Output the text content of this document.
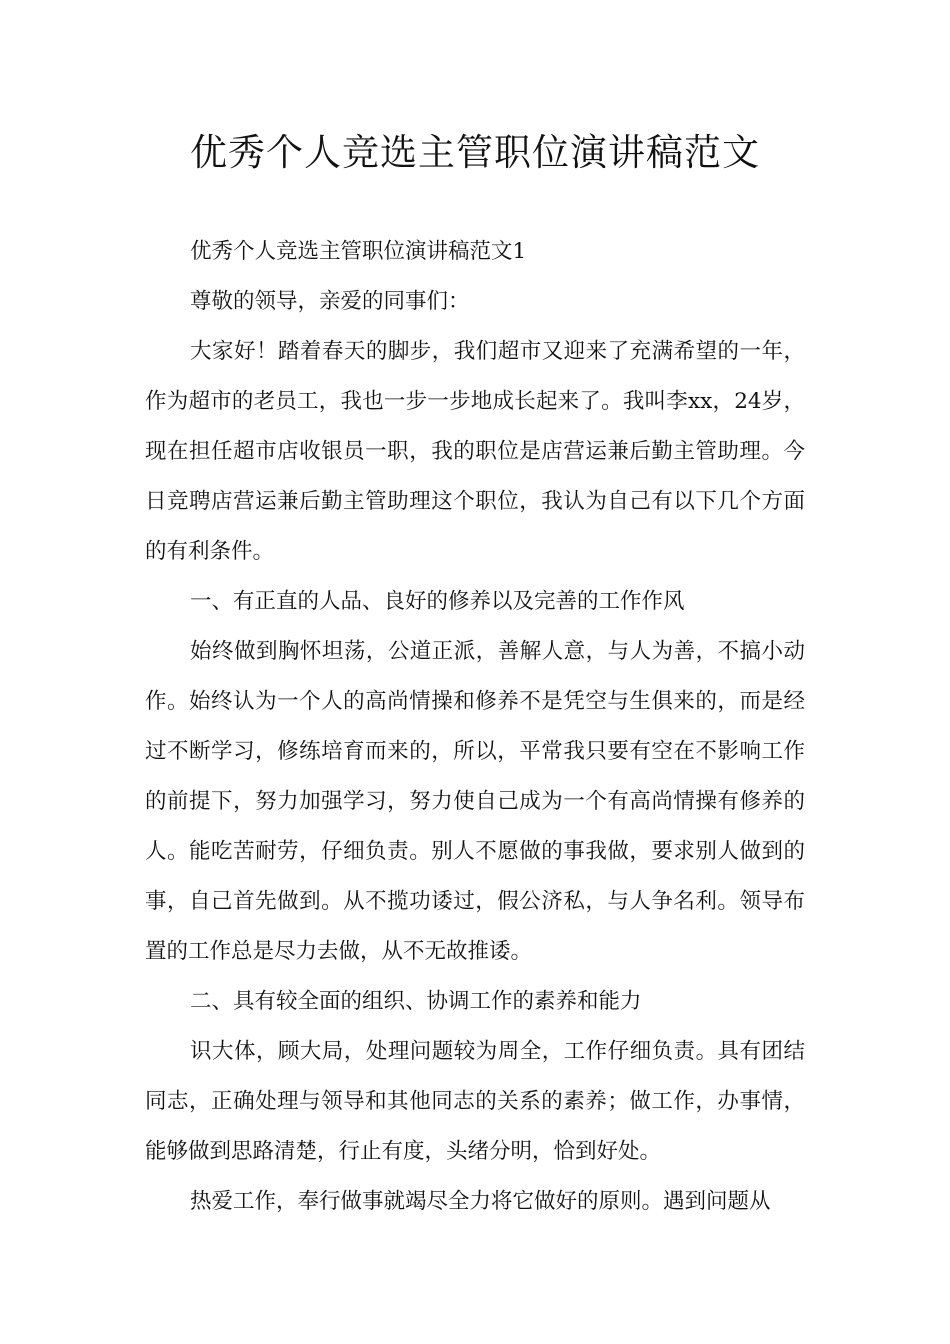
优秀个人竞选主管职位演讲稿范文

优秀个人竞选主管职位演讲稿范文1

尊敬的领导，亲爱的同事们：

大家好！踏着春天的脚步，我们超市又迎来了充满希望的一年，作为超市的老员工，我也一步一步地成长起来了。我叫李xx，24岁，现在担任超市店收银员一职，我的职位是店营运兼后勤主管助理。今日竞聘店营运兼后勤主管助理这个职位，我认为自己有以下几个方面的有利条件。

一、有正直的人品、良好的修养以及完善的工作作风

始终做到胸怀坦荡，公道正派，善解人意，与人为善，不搞小动作。始终认为一个人的高尚情操和修养不是凭空与生俱来的，而是经过不断学习，修练培育而来的，所以，平常我只要有空在不影响工作的前提下，努力加强学习，努力使自己成为一个有高尚情操有修养的人。能吃苦耐劳，仔细负责。别人不愿做的事我做，要求别人做到的事，自己首先做到。从不揽功诿过，假公济私，与人争名利。领导布置的工作总是尽力去做，从不无故推诿。

二、具有较全面的组织、协调工作的素养和能力

识大体，顾大局，处理问题较为周全，工作仔细负责。具有团结同志，正确处理与领导和其他同志的关系的素养；做工作，办事情，能够做到思路清楚，行止有度，头绪分明，恰到好处。

热爱工作，奉行做事就竭尽全力将它做好的原则。遇到问题从
